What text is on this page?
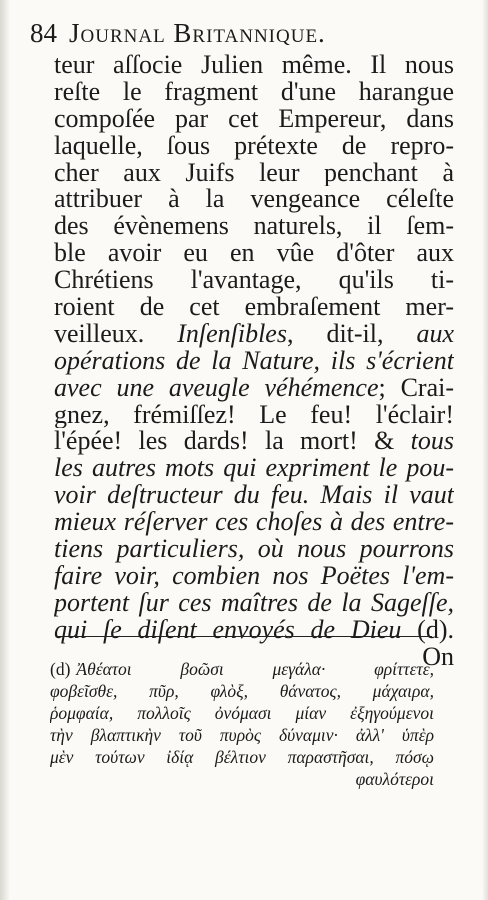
84 Journal Britannique.
teur aſſocie Julien même. Il nous
reſte le fragment d'une harangue
compoſée par cet Empereur, dans
laquelle, ſous prétexte de repro-
cher aux Juifs leur penchant à
attribuer à la vengeance céleſte
des évènemens naturels, il ſem-
ble avoir eu en vûe d'ôter aux
Chrétiens l'avantage, qu'ils ti-
roient de cet embraſement mer-
veilleux. Inſenſibles, dit-il, aux
opérations de la Nature, ils s'écrient
avec une aveugle véhémence; Crai-
gnez, frémiſſez! Le feu! l'éclair!
l'épée! les dards! la mort! & tous
les autres mots qui expriment le pou-
voir deſtructeur du feu. Mais il vaut
mieux réſerver ces choſes à des entre-
tiens particuliers, où nous pourrons
faire voir, combien nos Poëtes l'em-
portent ſur ces maîtres de la Sageſſe,
qui ſe diſent envoyés de Dieu (d).
On
(d) Ἀθέατοι βοῶσι μεγάλα· φρίττετε,
φοβεῖσθε, πῦρ, φλὸξ, θάνατος, μάχαιρα,
ῥομφαία, πολλοῖς ὀνόμασι μίαν ἐξηγούμενοι
τὴν βλαπτικὴν τοῦ πυρὸς δύναμιν· ἀλλ' ὑπὲρ
μὲν τούτων ἰδίᾳ βέλτιον παραστῆσαι, πόσῳ
φαυλότεροι
